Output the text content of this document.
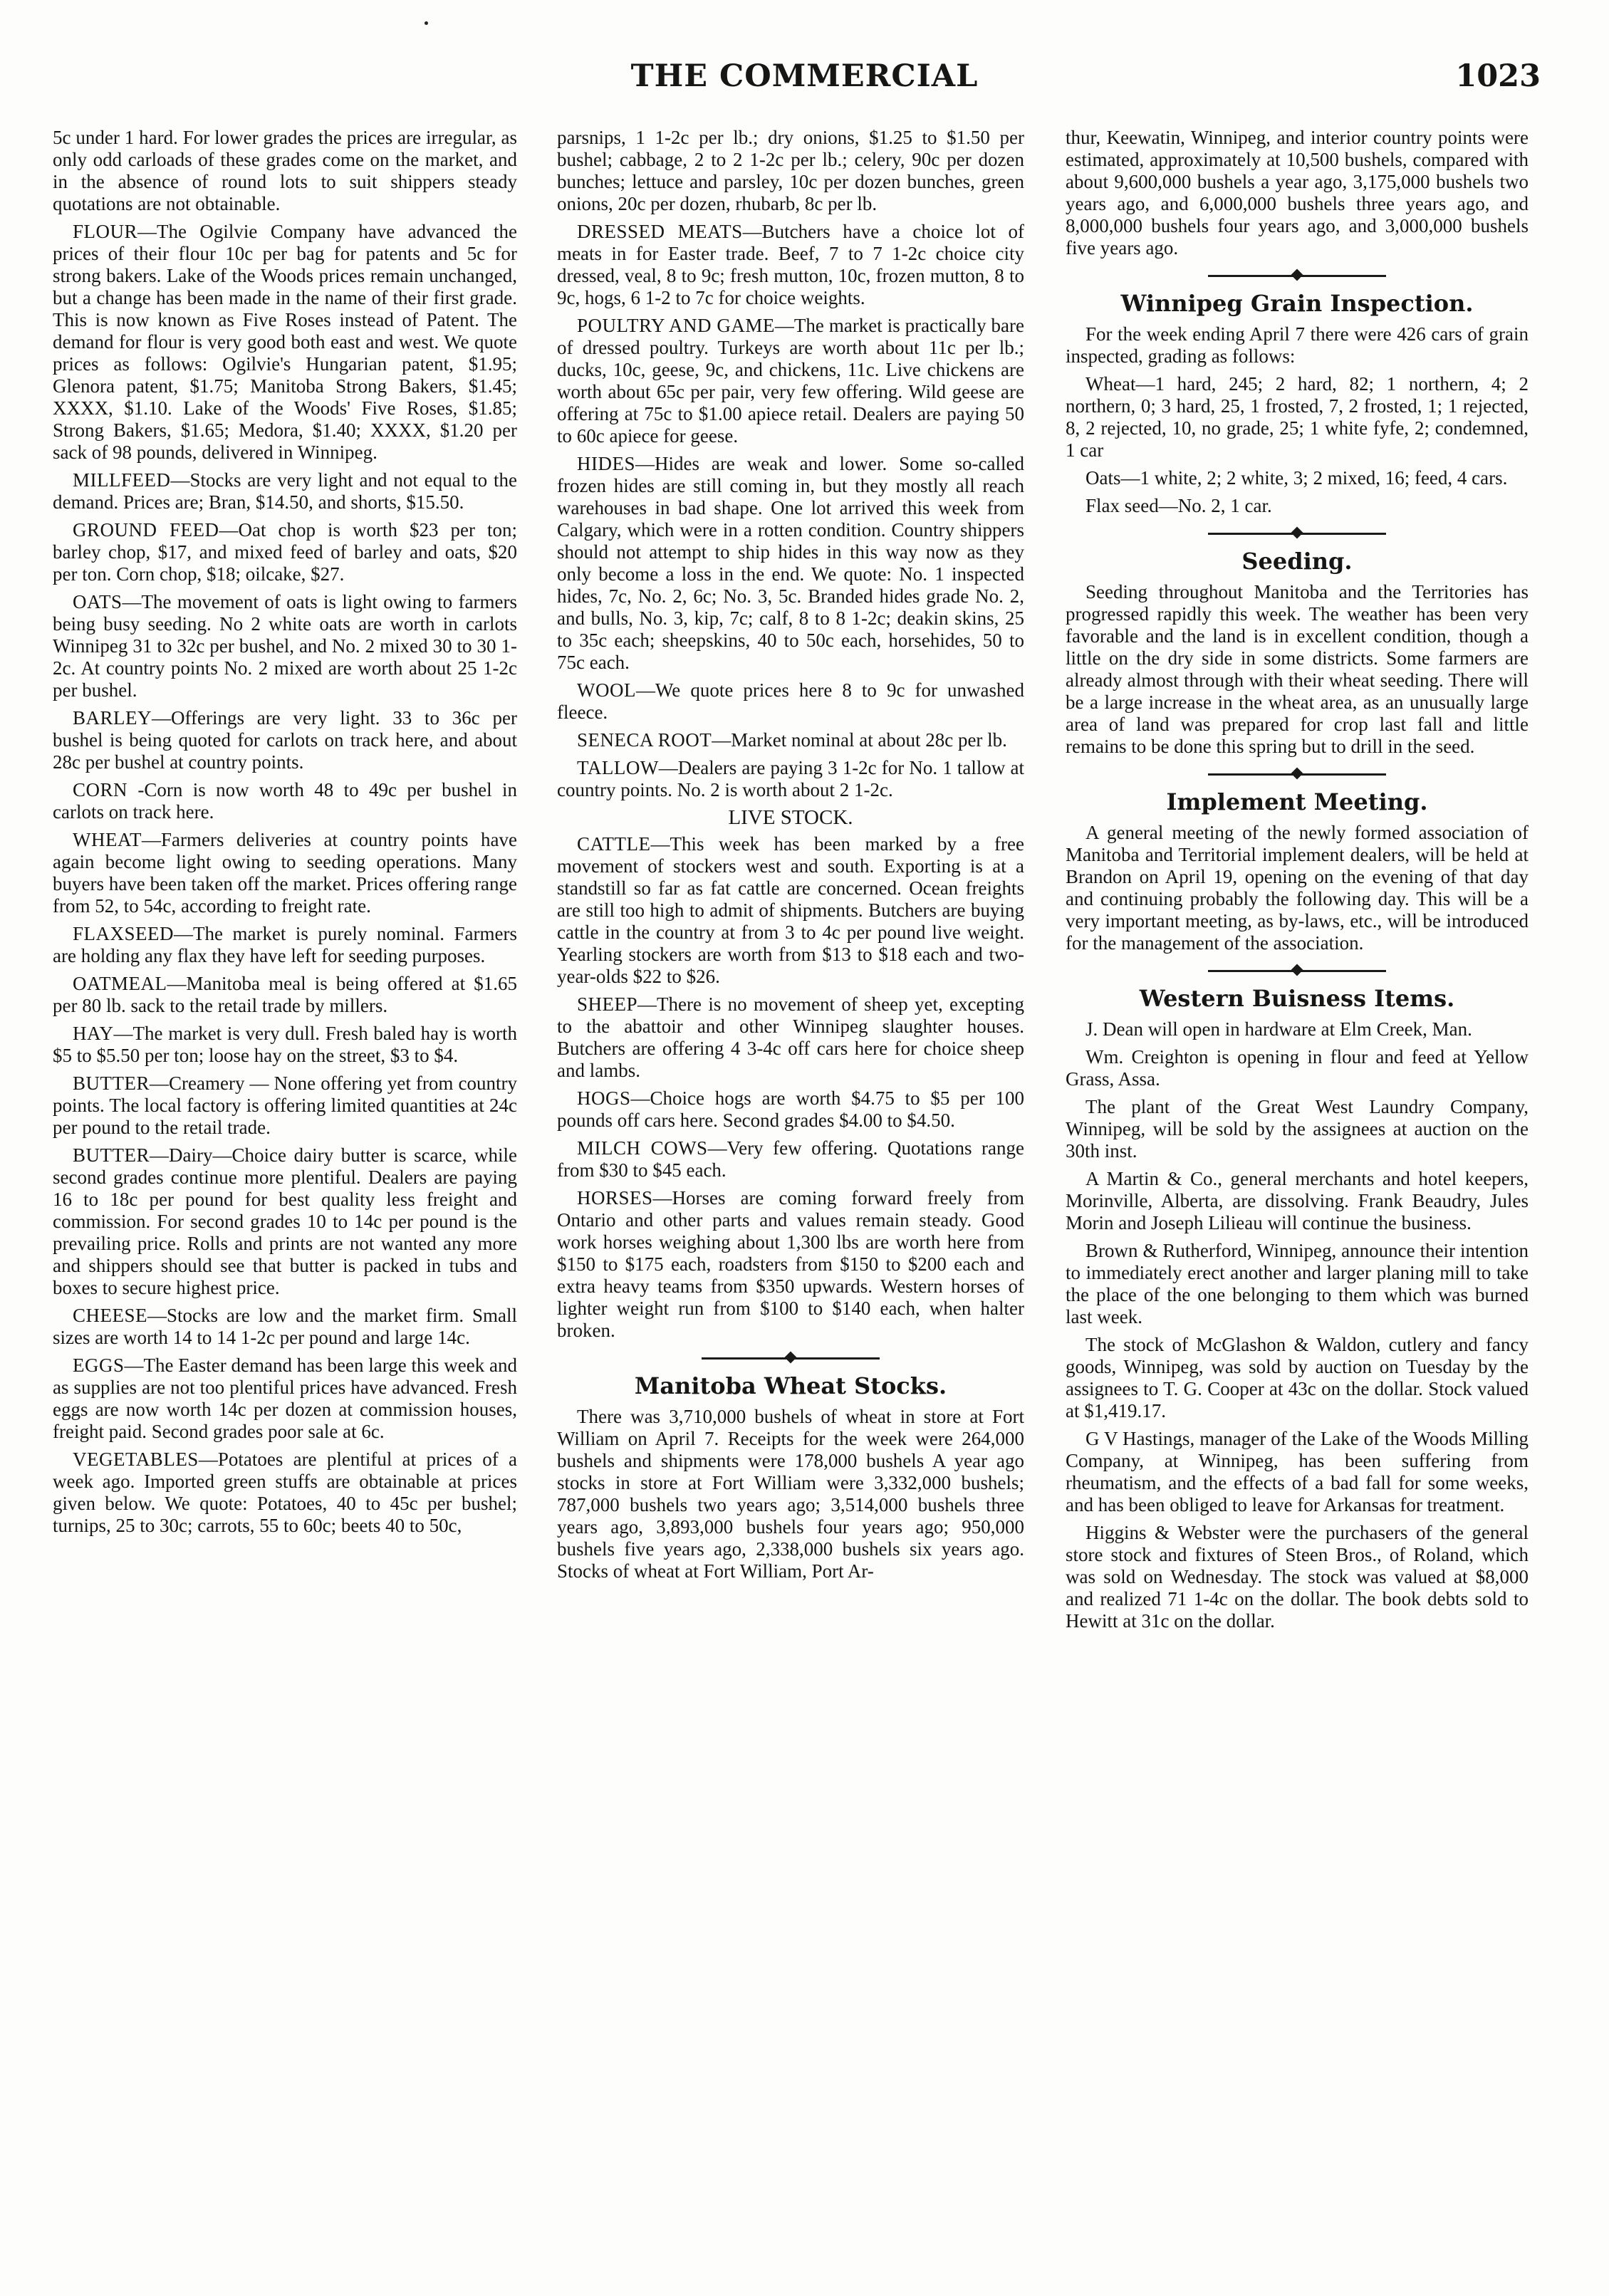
THE COMMERCIAL	1023

5c under 1 hard. For lower grades the prices are irregular, as only odd carloads of these grades come on the market, and in the absence of round lots to suit shippers steady quotations are not obtainable.

FLOUR—The Ogilvie Company have advanced the prices of their flour 10c per bag for patents and 5c for strong bakers. Lake of the Woods prices remain unchanged, but a change has been made in the name of their first grade. This is now known as Five Roses instead of Patent. The demand for flour is very good both east and west. We quote prices as follows: Ogilvie's Hungarian patent, $1.95; Glenora patent, $1.75; Manitoba Strong Bakers, $1.45; XXXX, $1.10. Lake of the Woods' Five Roses, $1.85; Strong Bakers, $1.65; Medora, $1.40; XXXX, $1.20 per sack of 98 pounds, delivered in Winnipeg.

MILLFEED—Stocks are very light and not equal to the demand. Prices are; Bran, $14.50, and shorts, $15.50.

GROUND FEED—Oat chop is worth $23 per ton; barley chop, $17, and mixed feed of barley and oats, $20 per ton. Corn chop, $18; oilcake, $27.

OATS—The movement of oats is light owing to farmers being busy seeding. No 2 white oats are worth in carlots Winnipeg 31 to 32c per bushel, and No. 2 mixed 30 to 30 1-2c. At country points No. 2 mixed are worth about 25 1-2c per bushel.

BARLEY—Offerings are very light. 33 to 36c per bushel is being quoted for carlots on track here, and about 28c per bushel at country points.

CORN -Corn is now worth 48 to 49c per bushel in carlots on track here.

WHEAT—Farmers deliveries at country points have again become light owing to seeding operations. Many buyers have been taken off the market. Prices offering range from 52, to 54c, according to freight rate.

FLAXSEED—The market is purely nominal. Farmers are holding any flax they have left for seeding purposes.

OATMEAL—Manitoba meal is being offered at $1.65 per 80 lb. sack to the retail trade by millers.

HAY—The market is very dull. Fresh baled hay is worth $5 to $5.50 per ton; loose hay on the street, $3 to $4.

BUTTER—Creamery — None offering yet from country points. The local factory is offering limited quantities at 24c per pound to the retail trade.

BUTTER—Dairy—Choice dairy butter is scarce, while second grades continue more plentiful. Dealers are paying 16 to 18c per pound for best quality less freight and commission. For second grades 10 to 14c per pound is the prevailing price. Rolls and prints are not wanted any more and shippers should see that butter is packed in tubs and boxes to secure highest price.

CHEESE—Stocks are low and the market firm. Small sizes are worth 14 to 14 1-2c per pound and large 14c.

EGGS—The Easter demand has been large this week and as supplies are not too plentiful prices have advanced. Fresh eggs are now worth 14c per dozen at commission houses, freight paid. Second grades poor sale at 6c.

VEGETABLES—Potatoes are plentiful at prices of a week ago. Imported green stuffs are obtainable at prices given below. We quote: Potatoes, 40 to 45c per bushel; turnips, 25 to 30c; carrots, 55 to 60c; beets 40 to 50c,

parsnips, 1 1-2c per lb.; dry onions, $1.25 to $1.50 per bushel; cabbage, 2 to 2 1-2c per lb.; celery, 90c per dozen bunches; lettuce and parsley, 10c per dozen bunches, green onions, 20c per dozen, rhubarb, 8c per lb.

DRESSED MEATS—Butchers have a choice lot of meats in for Easter trade. Beef, 7 to 7 1-2c choice city dressed, veal, 8 to 9c; fresh mutton, 10c, frozen mutton, 8 to 9c, hogs, 6 1-2 to 7c for choice weights.

POULTRY AND GAME—The market is practically bare of dressed poultry. Turkeys are worth about 11c per lb.; ducks, 10c, geese, 9c, and chickens, 11c. Live chickens are worth about 65c per pair, very few offering. Wild geese are offering at 75c to $1.00 apiece retail. Dealers are paying 50 to 60c apiece for geese.

HIDES—Hides are weak and lower. Some so-called frozen hides are still coming in, but they mostly all reach warehouses in bad shape. One lot arrived this week from Calgary, which were in a rotten condition. Country shippers should not attempt to ship hides in this way now as they only become a loss in the end. We quote: No. 1 inspected hides, 7c, No. 2, 6c; No. 3, 5c. Branded hides grade No. 2, and bulls, No. 3, kip, 7c; calf, 8 to 8 1-2c; deakin skins, 25 to 35c each; sheepskins, 40 to 50c each, horsehides, 50 to 75c each.

WOOL—We quote prices here 8 to 9c for unwashed fleece.

SENECA ROOT—Market nominal at about 28c per lb.

TALLOW—Dealers are paying 3 1-2c for No. 1 tallow at country points. No. 2 is worth about 2 1-2c.

LIVE STOCK.

CATTLE—This week has been marked by a free movement of stockers west and south. Exporting is at a standstill so far as fat cattle are concerned. Ocean freights are still too high to admit of shipments. Butchers are buying cattle in the country at from 3 to 4c per pound live weight. Yearling stockers are worth from $13 to $18 each and two-year-olds $22 to $26.

SHEEP—There is no movement of sheep yet, excepting to the abattoir and other Winnipeg slaughter houses. Butchers are offering 4 3-4c off cars here for choice sheep and lambs.

HOGS—Choice hogs are worth $4.75 to $5 per 100 pounds off cars here. Second grades $4.00 to $4.50.

MILCH COWS—Very few offering. Quotations range from $30 to $45 each.

HORSES—Horses are coming forward freely from Ontario and other parts and values remain steady. Good work horses weighing about 1,300 lbs are worth here from $150 to $175 each, roadsters from $150 to $200 each and extra heavy teams from $350 upwards. Western horses of lighter weight run from $100 to $140 each, when halter broken.

Manitoba Wheat Stocks.

There was 3,710,000 bushels of wheat in store at Fort William on April 7. Receipts for the week were 264,000 bushels and shipments were 178,000 bushels A year ago stocks in store at Fort William were 3,332,000 bushels; 787,000 bushels two years ago; 3,514,000 bushels three years ago, 3,893,000 bushels four years ago; 950,000 bushels five years ago, 2,338,000 bushels six years ago. Stocks of wheat at Fort William, Port Ar-

thur, Keewatin, Winnipeg, and interior country points were estimated, approximately at 10,500 bushels, compared with about 9,600,000 bushels a year ago, 3,175,000 bushels two years ago, and 6,000,000 bushels three years ago, and 8,000,000 bushels four years ago, and 3,000,000 bushels five years ago.

Winnipeg Grain Inspection.

For the week ending April 7 there were 426 cars of grain inspected, grading as follows:

Wheat—1 hard, 245; 2 hard, 82; 1 northern, 4; 2 northern, 0; 3 hard, 25, 1 frosted, 7, 2 frosted, 1; 1 rejected, 8, 2 rejected, 10, no grade, 25; 1 white fyfe, 2; condemned, 1 car

Oats—1 white, 2; 2 white, 3; 2 mixed, 16; feed, 4 cars.

Flax seed—No. 2, 1 car.

Seeding.

Seeding throughout Manitoba and the Territories has progressed rapidly this week. The weather has been very favorable and the land is in excellent condition, though a little on the dry side in some districts. Some farmers are already almost through with their wheat seeding. There will be a large increase in the wheat area, as an unusually large area of land was prepared for crop last fall and little remains to be done this spring but to drill in the seed.

Implement Meeting.

A general meeting of the newly formed association of Manitoba and Territorial implement dealers, will be held at Brandon on April 19, opening on the evening of that day and continuing probably the following day. This will be a very important meeting, as by-laws, etc., will be introduced for the management of the association.

Western Buisness Items.

J. Dean will open in hardware at Elm Creek, Man.

Wm. Creighton is opening in flour and feed at Yellow Grass, Assa.

The plant of the Great West Laundry Company, Winnipeg, will be sold by the assignees at auction on the 30th inst.

A Martin & Co., general merchants and hotel keepers, Morinville, Alberta, are dissolving. Frank Beaudry, Jules Morin and Joseph Lilieau will continue the business.

Brown & Rutherford, Winnipeg, announce their intention to immediately erect another and larger planing mill to take the place of the one belonging to them which was burned last week.

The stock of McGlashon & Waldon, cutlery and fancy goods, Winnipeg, was sold by auction on Tuesday by the assignees to T. G. Cooper at 43c on the dollar. Stock valued at $1,419.17.

G V Hastings, manager of the Lake of the Woods Milling Company, at Winnipeg, has been suffering from rheumatism, and the effects of a bad fall for some weeks, and has been obliged to leave for Arkansas for treatment.

Higgins & Webster were the purchasers of the general store stock and fixtures of Steen Bros., of Roland, which was sold on Wednesday. The stock was valued at $8,000 and realized 71 1-4c on the dollar. The book debts sold to Hewitt at 31c on the dollar.
